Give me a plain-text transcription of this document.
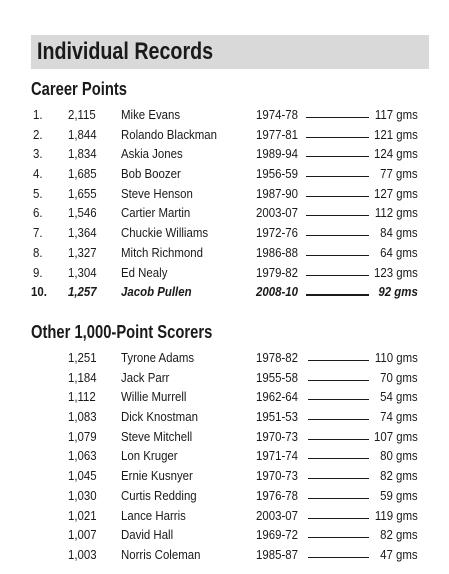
Individual Records
Career Points
1. 2,115 Mike Evans	1974-78	117 gms
2. 1,844 Rolando Blackman	1977-81	121 gms
3. 1,834 Askia Jones	1989-94	124 gms
4. 1,685 Bob Boozer	1956-59	77 gms
5. 1,655 Steve Henson	1987-90	127 gms
6. 1,546 Cartier Martin	2003-07	112 gms
7. 1,364 Chuckie Williams	1972-76	84 gms
8. 1,327 Mitch Richmond	1986-88	64 gms
9. 1,304 Ed Nealy	1979-82	123 gms
10. 1,257 Jacob Pullen	2008-10	92 gms
Other 1,000-Point Scorers
1,251 Tyrone Adams	1978-82	110 gms
1,184 Jack Parr	1955-58	70 gms
1,112 Willie Murrell	1962-64	54 gms
1,083 Dick Knostman	1951-53	74 gms
1,079 Steve Mitchell	1970-73	107 gms
1,063 Lon Kruger	1971-74	80 gms
1,045 Ernie Kusnyer	1970-73	82 gms
1,030 Curtis Redding	1976-78	59 gms
1,021 Lance Harris	2003-07	119 gms
1,007 David Hall	1969-72	82 gms
1,003 Norris Coleman	1985-87	47 gms
